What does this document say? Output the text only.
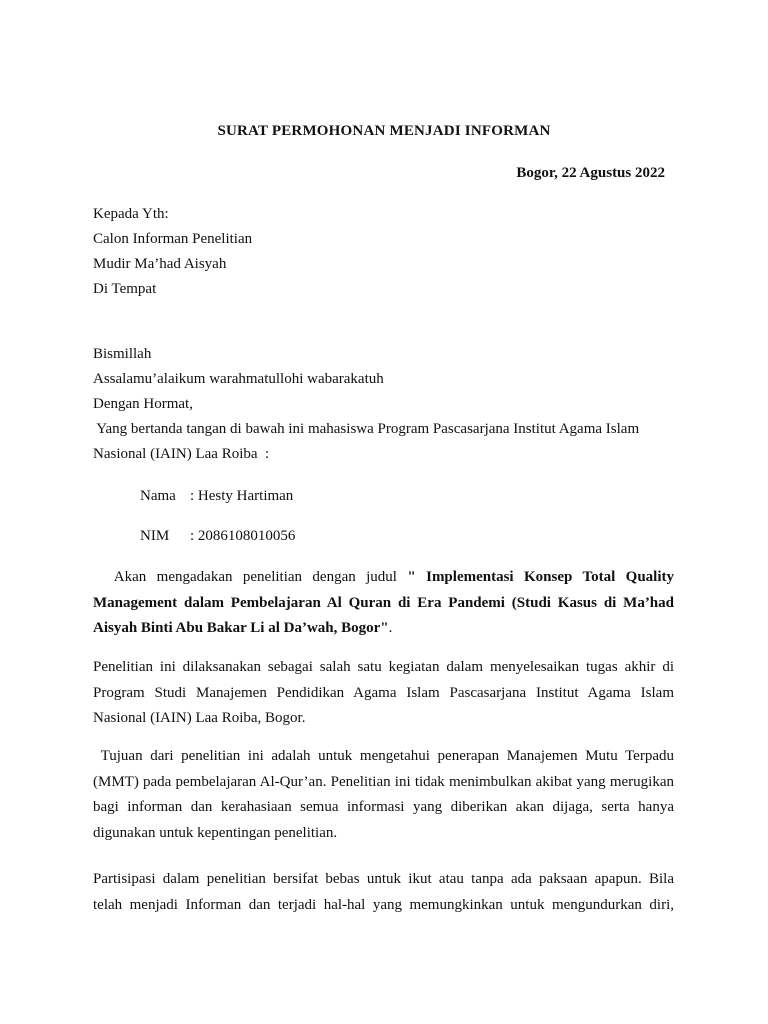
SURAT PERMOHONAN MENJADI INFORMAN
Bogor, 22 Agustus 2022
Kepada Yth:
Calon Informan Penelitian
Mudir Ma’had Aisyah
Di Tempat
Bismillah
Assalamu’alaikum warahmatullohi wabarakatuh
Dengan Hormat,
Yang bertanda tangan di bawah ini mahasiswa Program Pascasarjana Institut Agama Islam
Nasional (IAIN) Laa Roiba  :
Nama : Hesty Hartiman
NIM : 2086108010056
Akan mengadakan penelitian dengan judul " Implementasi Konsep Total Quality Management dalam Pembelajaran Al Quran di Era Pandemi (Studi Kasus di Ma’had Aisyah Binti Abu Bakar Li al Da’wah, Bogor".
Penelitian ini dilaksanakan sebagai salah satu kegiatan dalam menyelesaikan tugas akhir di Program Studi Manajemen Pendidikan Agama Islam Pascasarjana Institut Agama Islam Nasional (IAIN) Laa Roiba, Bogor.
Tujuan dari penelitian ini adalah untuk mengetahui penerapan Manajemen Mutu Terpadu (MMT) pada pembelajaran Al-Qur’an. Penelitian ini tidak menimbulkan akibat yang merugikan bagi informan dan kerahasiaan semua informasi yang diberikan akan dijaga, serta hanya digunakan untuk kepentingan penelitian.
Partisipasi dalam penelitian bersifat bebas untuk ikut atau tanpa ada paksaan apapun. Bila
telah menjadi Informan dan terjadi hal-hal yang memungkinkan untuk mengundurkan diri,
